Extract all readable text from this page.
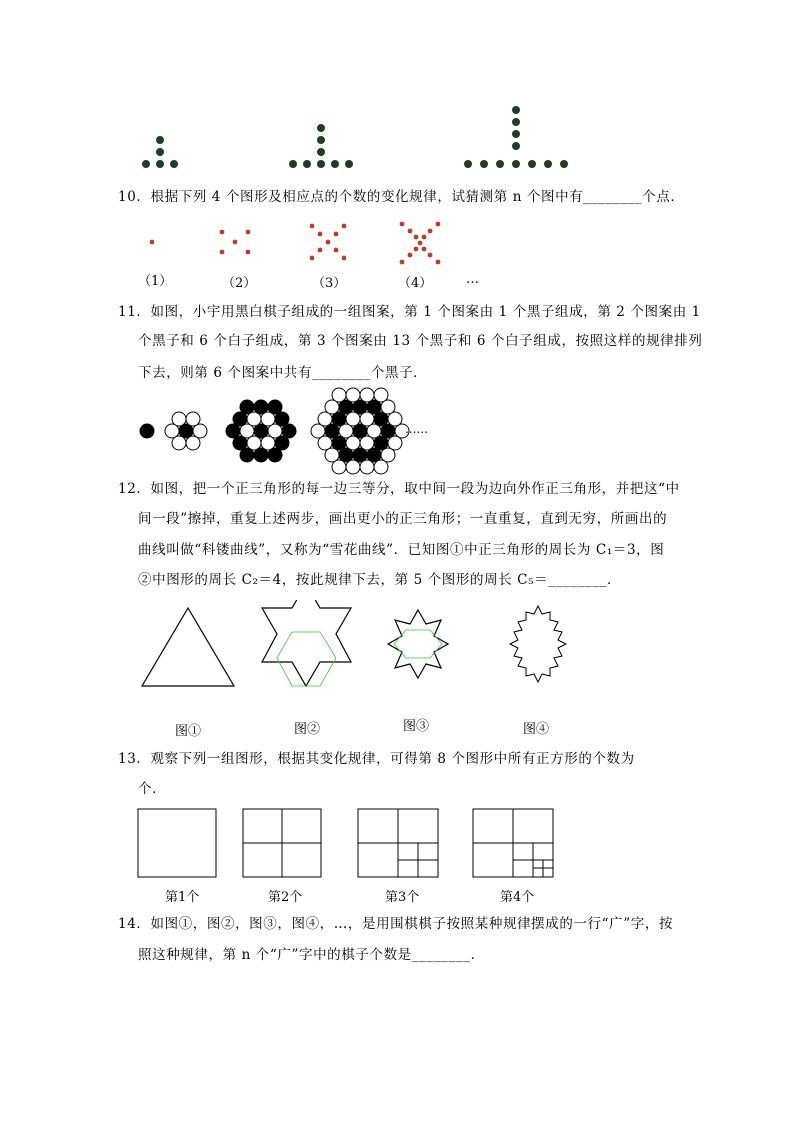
10．根据下列 4 个图形及相应点的个数的变化规律，试猜测第 n 个图中有________个点．
（1）	（2）	（3）	（4）	…
11．如图，小宇用黑白棋子组成的一组图案，第 1 个图案由 1 个黑子组成，第 2 个图案由 1
个黑子和 6 个白子组成，第 3 个图案由 13 个黑子和 6 个白子组成，按照这样的规律排列
下去，则第 6 个图案中共有________个黑子．
......
12．如图，把一个正三角形的每一边三等分，取中间一段为边向外作正三角形，并把这“中
间一段”擦掉，重复上述两步，画出更小的正三角形；一直重复，直到无穷，所画出的
曲线叫做“科镂曲线”，又称为“雪花曲线”．已知图①中正三角形的周长为 C₁＝3，图
②中图形的周长 C₂＝4，按此规律下去，第 5 个图形的周长 C₅＝________．
图①	图②	图③	图④
13．观察下列一组图形，根据其变化规律，可得第 8 个图形中所有正方形的个数为
个．
第1个	第2个	第3个	第4个
14．如图①，图②，图③，图④，…，是用围棋棋子按照某种规律摆成的一行“广”字，按
照这种规律，第 n 个“广”字中的棋子个数是________．
